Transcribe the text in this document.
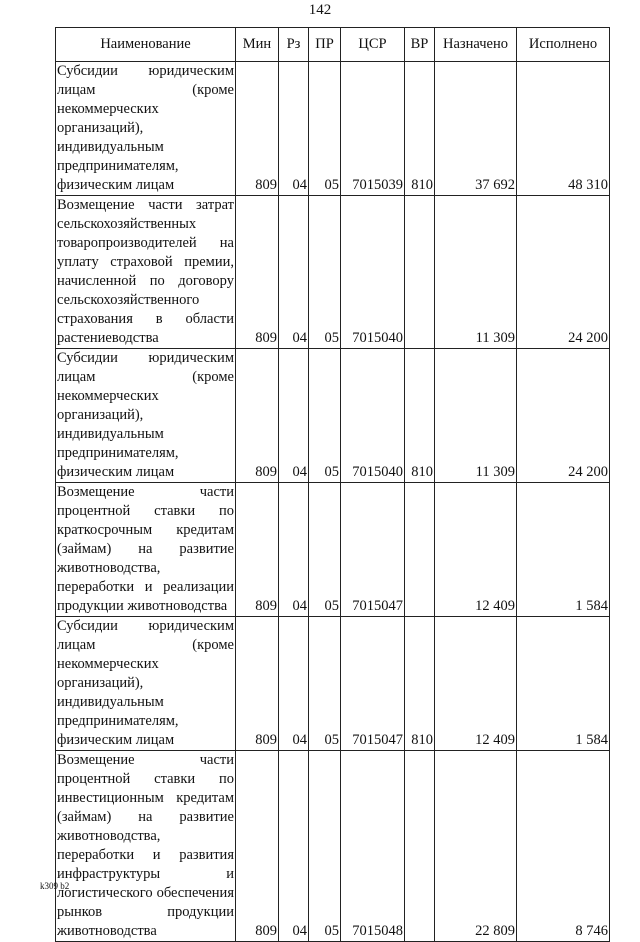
142
Наименование	Мин	Рз	ПР	ЦСР	ВР	Назначено	Исполнено
Субсидии юридическим лицам (кроме некоммерческих организаций), индивидуальным предпринимателям, физическим лицам	809	04	05	7015039	810	37 692	48 310
Возмещение части затрат сельскохозяйственных товаропроизводителей на уплату страховой премии, начисленной по договору сельскохозяйственного страхования в области растениеводства	809	04	05	7015040		11 309	24 200
Субсидии юридическим лицам (кроме некоммерческих организаций), индивидуальным предпринимателям, физическим лицам	809	04	05	7015040	810	11 309	24 200
Возмещение части процентной ставки по краткосрочным кредитам (займам) на развитие животноводства, переработки и реализации продукции животноводства	809	04	05	7015047		12 409	1 584
Субсидии юридическим лицам (кроме некоммерческих организаций), индивидуальным предпринимателям, физическим лицам	809	04	05	7015047	810	12 409	1 584
Возмещение части процентной ставки по инвестиционным кредитам (займам) на развитие животноводства, переработки и развития инфраструктуры и логистического обеспечения рынков продукции животноводства	809	04	05	7015048		22 809	8 746
k309 b2
